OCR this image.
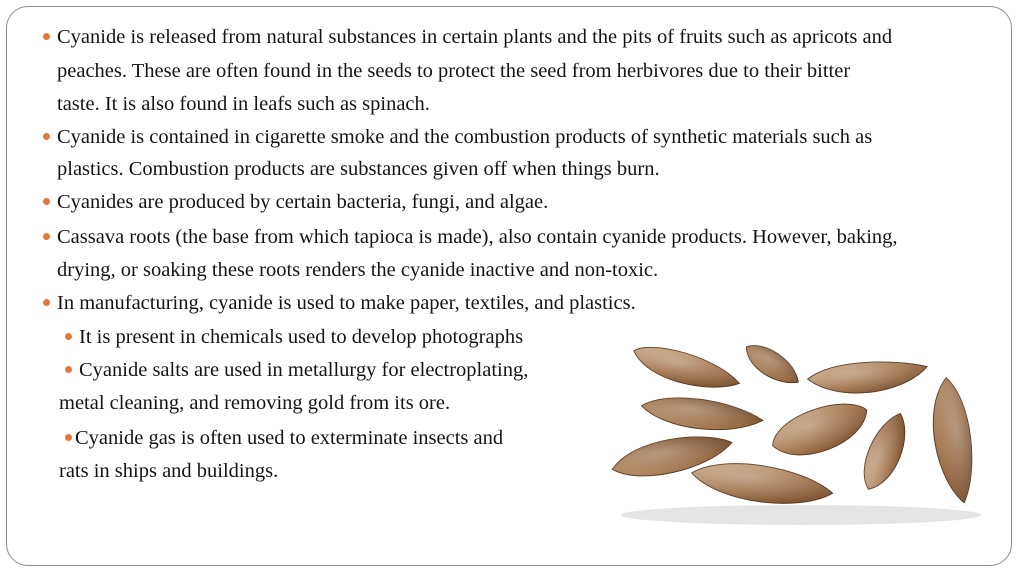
Cyanide is released from natural substances in certain plants and the pits of fruits such as apricots and
peaches. These are often found in the seeds to protect the seed from herbivores due to their bitter
taste. It is also found in leafs such as spinach.
Cyanide is contained in cigarette smoke and the combustion products of synthetic materials such as
plastics. Combustion products are substances given off when things burn.
Cyanides are produced by certain bacteria, fungi, and algae.
Cassava roots (the base from which tapioca is made), also contain cyanide products. However, baking,
drying, or soaking these roots renders the cyanide inactive and non-toxic.
In manufacturing, cyanide is used to make paper, textiles, and plastics.
It is present in chemicals used to develop photographs
Cyanide salts are used in metallurgy for electroplating,
metal cleaning, and removing gold from its ore.
Cyanide gas is often used to exterminate insects and
rats in ships and buildings.
